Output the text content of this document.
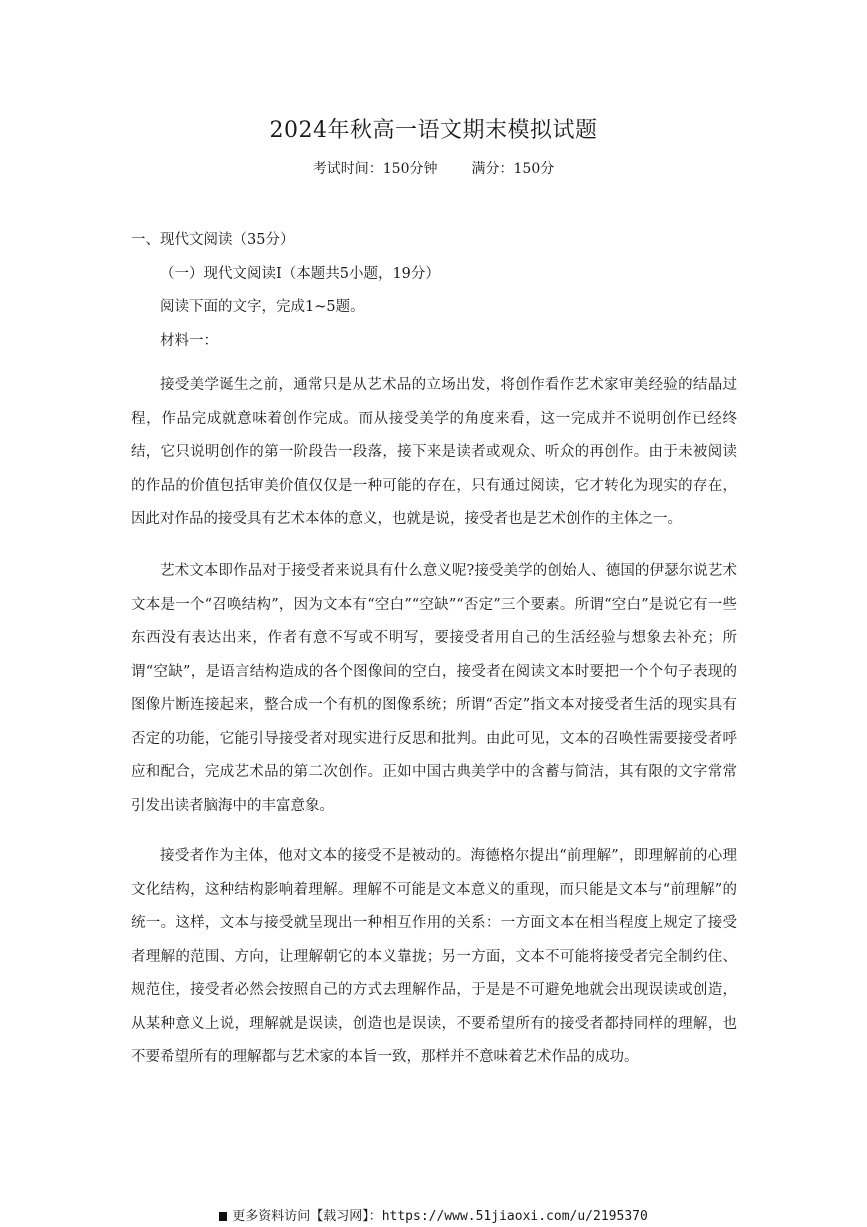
2024年秋高一语文期末模拟试题
考试时间：150分钟 满分：150分
一、现代文阅读（35分）
（一）现代文阅读Ⅰ（本题共5小题，19分）
阅读下面的文字，完成1~5题。
材料一：

接受美学诞生之前，通常只是从艺术品的立场出发，将创作看作艺术家审美经验的结晶过程，作品完成就意味着创作完成。而从接受美学的角度来看，这一完成并不说明创作已经终结，它只说明创作的第一阶段告一段落，接下来是读者或观众、听众的再创作。由于未被阅读的作品的价值包括审美价值仅仅是一种可能的存在，只有通过阅读，它才转化为现实的存在，因此对作品的接受具有艺术本体的意义，也就是说，接受者也是艺术创作的主体之一。

艺术文本即作品对于接受者来说具有什么意义呢?接受美学的创始人、德国的伊瑟尔说艺术文本是一个“召唤结构”，因为文本有“空白”“空缺”“否定”三个要素。所谓“空白”是说它有一些东西没有表达出来，作者有意不写或不明写，要接受者用自己的生活经验与想象去补充；所谓“空缺”，是语言结构造成的各个图像间的空白，接受者在阅读文本时要把一个个句子表现的图像片断连接起来，整合成一个有机的图像系统；所谓“否定”指文本对接受者生活的现实具有否定的功能，它能引导接受者对现实进行反思和批判。由此可见，文本的召唤性需要接受者呼应和配合，完成艺术品的第二次创作。正如中国古典美学中的含蓄与简洁，其有限的文字常常引发出读者脑海中的丰富意象。

接受者作为主体，他对文本的接受不是被动的。海德格尔提出“前理解”，即理解前的心理文化结构，这种结构影响着理解。理解不可能是文本意义的重现，而只能是文本与“前理解”的统一。这样，文本与接受就呈现出一种相互作用的关系：一方面文本在相当程度上规定了接受者理解的范围、方向，让理解朝它的本义靠拢；另一方面，文本不可能将接受者完全制约住、规范住，接受者必然会按照自己的方式去理解作品，于是是不可避免地就会出现误读或创造，从某种意义上说，理解就是误读，创造也是误读，不要希望所有的接受者都持同样的理解，也不要希望所有的理解都与艺术家的本旨一致，那样并不意味着艺术作品的成功。

更多资料访问【载习网】：https://www.51jiaoxi.com/u/2195370
